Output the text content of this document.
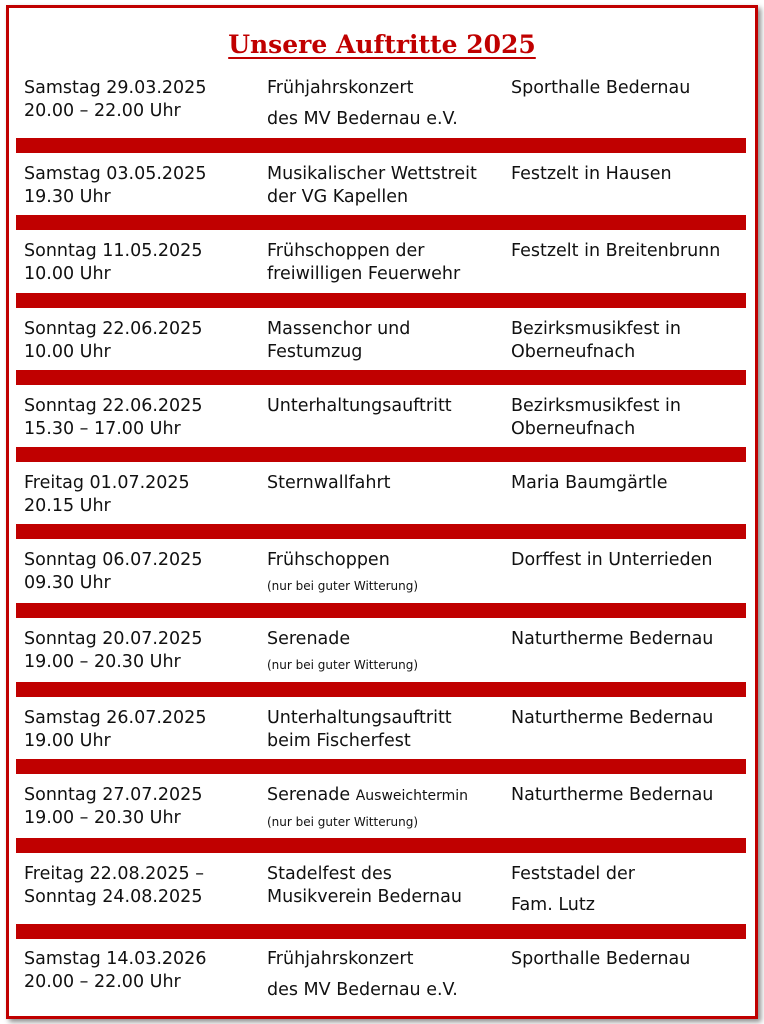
Unsere Auftritte 2025
Samstag 29.03.2025
20.00 – 22.00 Uhr
Frühjahrskonzert
des MV Bedernau e.V.
Sporthalle Bedernau

Samstag 03.05.2025
19.30 Uhr
Musikalischer Wettstreit
der VG Kapellen
Festzelt in Hausen

Sonntag 11.05.2025
10.00 Uhr
Frühschoppen der
freiwilligen Feuerwehr
Festzelt in Breitenbrunn

Sonntag 22.06.2025
10.00 Uhr
Massenchor und
Festumzug
Bezirksmusikfest in
Oberneufnach
Sonntag 22.06.2025
15.30 – 17.00 Uhr
Unterhaltungsauftritt	Bezirksmusikfest in
Oberneufnach
Freitag 01.07.2025
20.15 Uhr
Sternwallfahrt	Maria Baumgärtle

Sonntag 06.07.2025
09.30 Uhr
Frühschoppen
(nur bei guter Witterung)
Dorffest in Unterrieden

Sonntag 20.07.2025
19.00 – 20.30 Uhr
Serenade
(nur bei guter Witterung)
Naturtherme Bedernau

Samstag 26.07.2025
19.00 Uhr
Unterhaltungsauftritt
beim Fischerfest
Naturtherme Bedernau

Sonntag 27.07.2025
19.00 – 20.30 Uhr
Serenade Ausweichtermin
(nur bei guter Witterung)
Naturtherme Bedernau

Freitag 22.08.2025 –
Sonntag 24.08.2025
Stadelfest des
Musikverein Bedernau
Feststadel der
Fam. Lutz
Samstag 14.03.2026
20.00 – 22.00 Uhr
Frühjahrskonzert
des MV Bedernau e.V.
Sporthalle Bedernau
